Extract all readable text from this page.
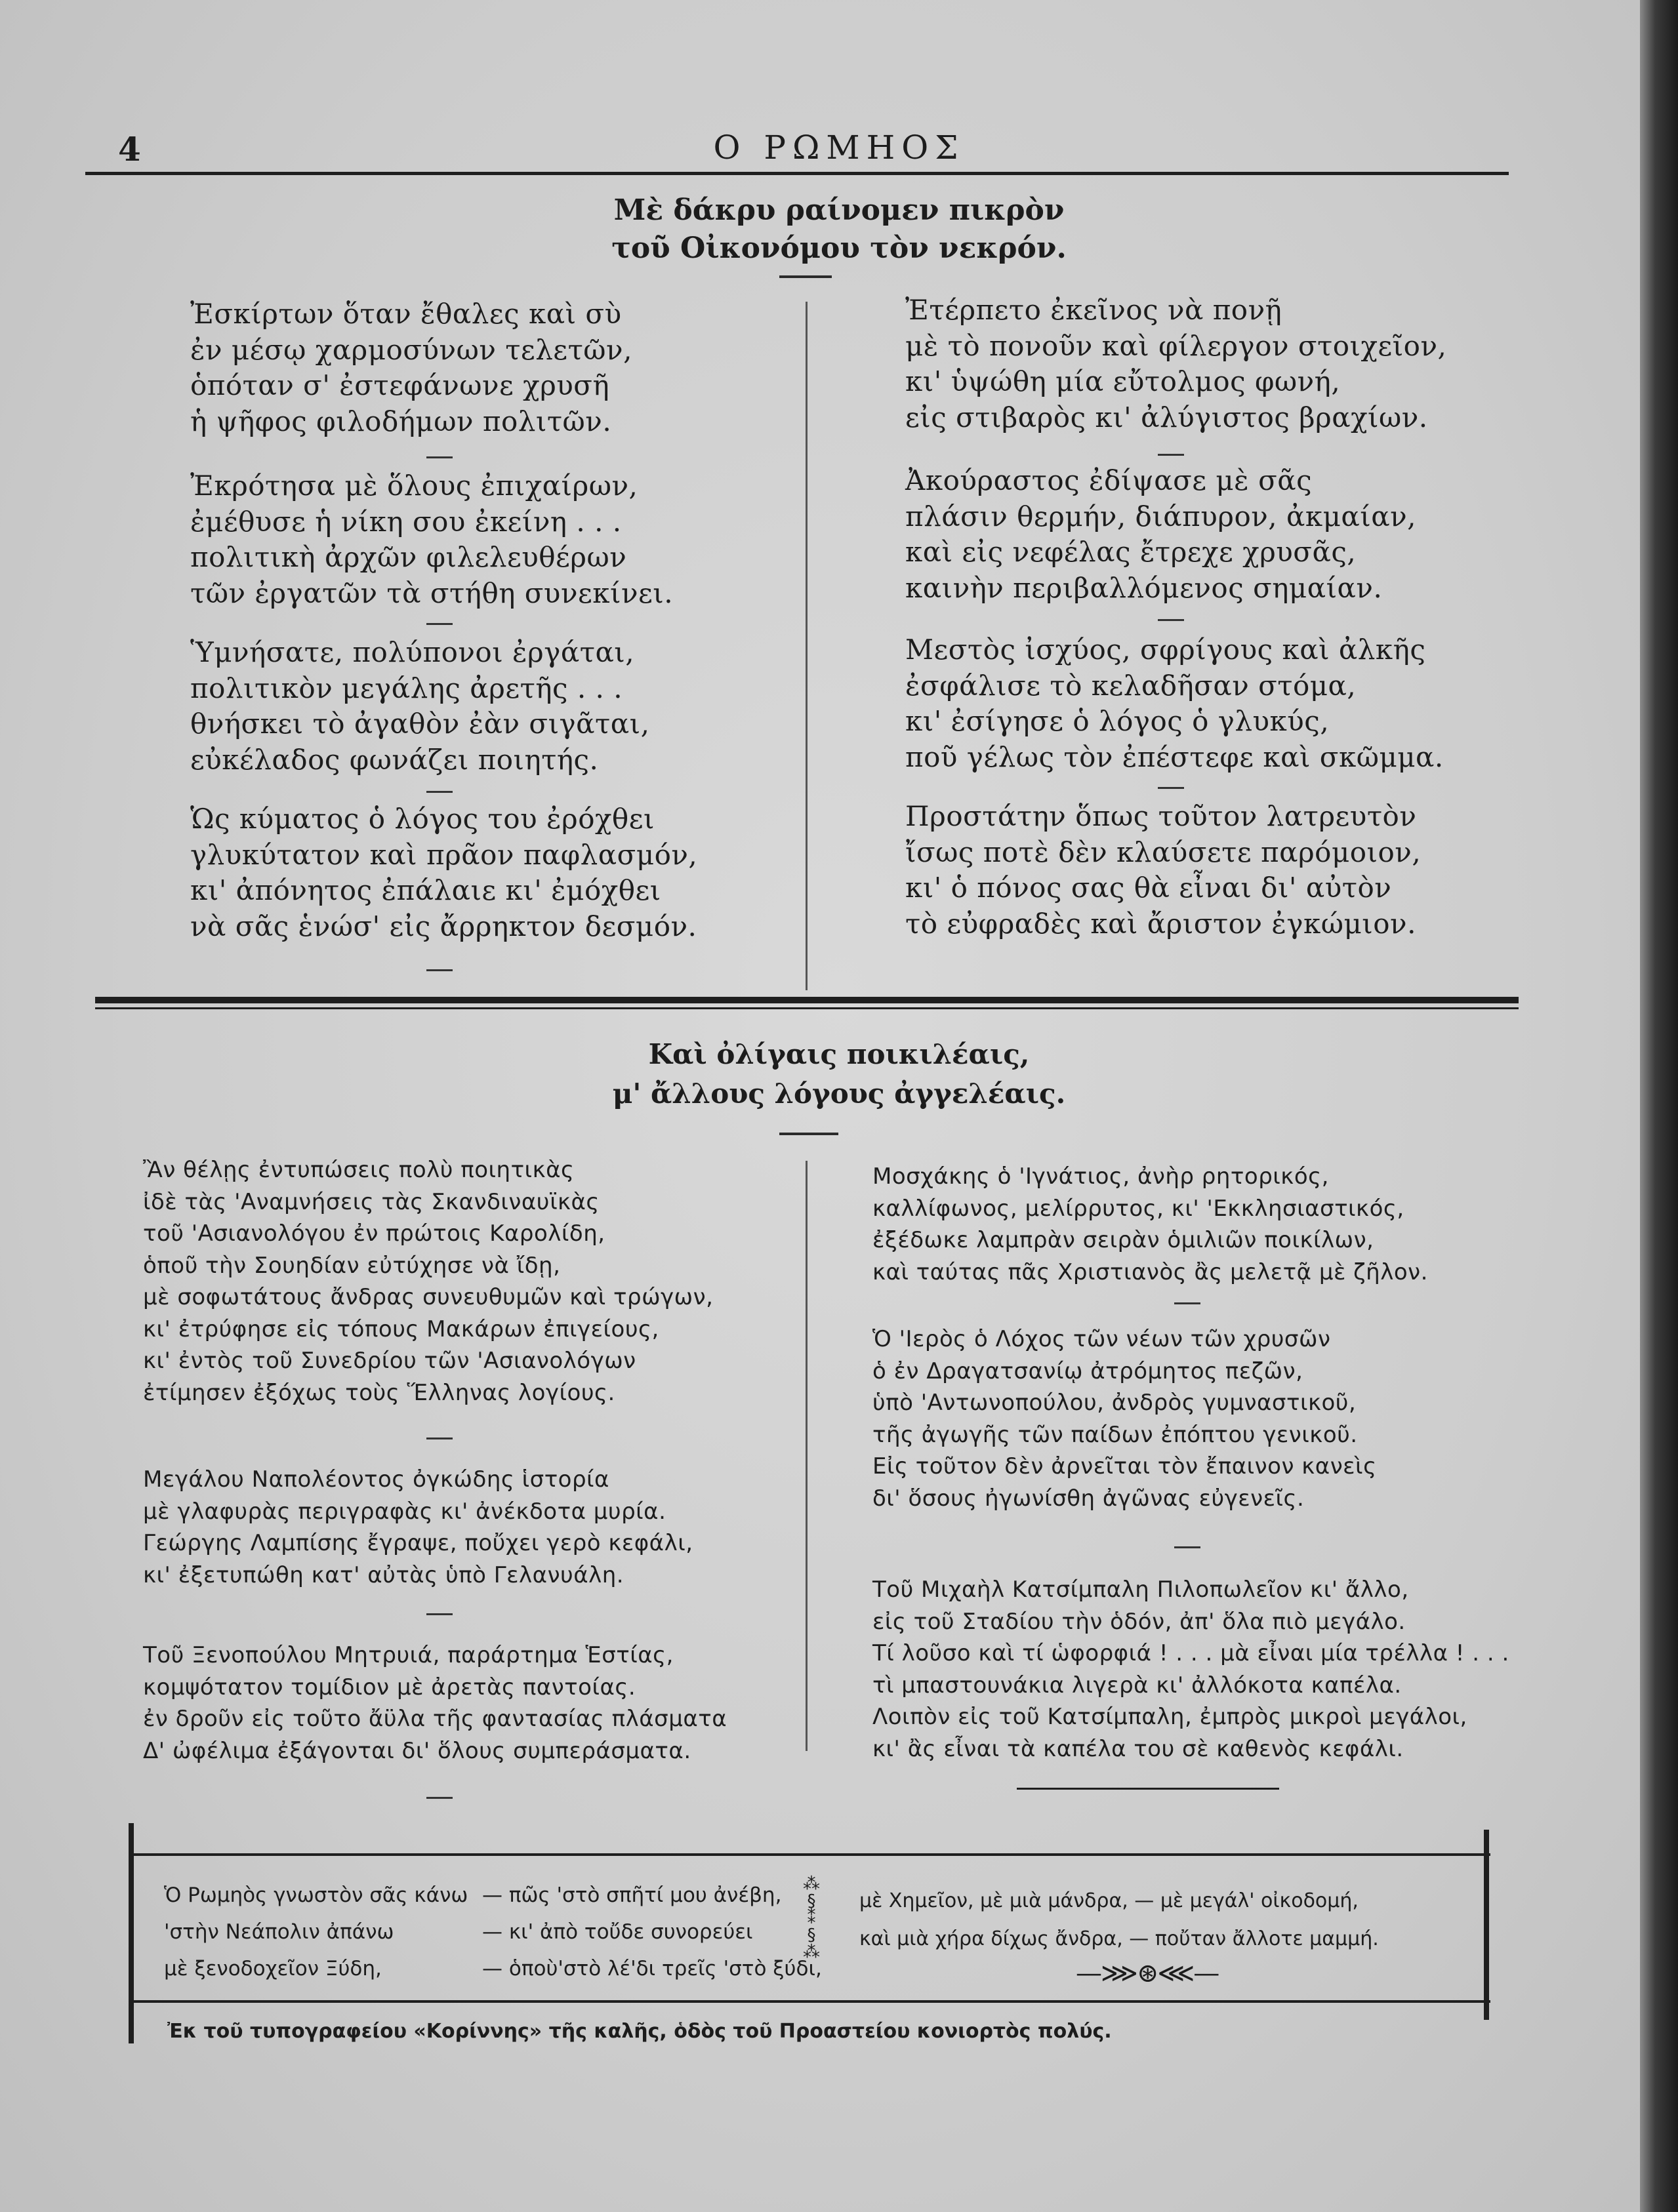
4	Ο ΡΩΜΗΟΣ
Μὲ δάκρυ ραίνομεν πικρὸν
τοῦ Οἰκονόμου τὸν νεκρόν.
Ἐσκίρτων ὅταν ἔθαλες καὶ σὺ
ἐν μέσῳ χαρμοσύνων τελετῶν,
ὁπόταν σ' ἐστεφάνωνε χρυσῆ
ἡ ψῆφος φιλοδήμων πολιτῶν.
Ἐκρότησα μὲ ὅλους ἐπιχαίρων,
ἐμέθυσε ἡ νίκη σου ἐκείνη . . .
πολιτικὴ ἀρχῶν φιλελευθέρων
τῶν ἐργατῶν τὰ στήθη συνεκίνει.
Ὑμνήσατε, πολύπονοι ἐργάται,
πολιτικὸν μεγάλης ἀρετῆς . . .
θνήσκει τὸ ἀγαθὸν ἐὰν σιγᾶται,
εὐκέλαδος φωνάζει ποιητής.
Ὡς κύματος ὁ λόγος του ἐρόχθει
γλυκύτατον καὶ πρᾶον παφλασμόν,
κι' ἀπόνητος ἐπάλαιε κι' ἐμόχθει
νὰ σᾶς ἑνώσ' εἰς ἄρρηκτον δεσμόν.
Ἐτέρπετο ἐκεῖνος νὰ πονῇ
μὲ τὸ πονοῦν καὶ φίλεργον στοιχεῖον,
κι' ὑψώθη μία εὔτολμος φωνή,
εἰς στιβαρὸς κι' ἀλύγιστος βραχίων.
Ἀκούραστος ἐδίψασε μὲ σᾶς
πλάσιν θερμήν, διάπυρον, ἀκμαίαν,
καὶ εἰς νεφέλας ἔτρεχε χρυσᾶς,
καινὴν περιβαλλόμενος σημαίαν.
Μεστὸς ἰσχύος, σφρίγους καὶ ἀλκῆς
ἐσφάλισε τὸ κελαδῆσαν στόμα,
κι' ἐσίγησε ὁ λόγος ὁ γλυκύς,
ποῦ γέλως τὸν ἐπέστεφε καὶ σκῶμμα.
Προστάτην ὅπως τοῦτον λατρευτὸν
ἴσως ποτὲ δὲν κλαύσετε παρόμοιον,
κι' ὁ πόνος σας θὰ εἶναι δι' αὐτὸν
τὸ εὐφραδὲς καὶ ἄριστον ἐγκώμιον.
Καὶ ὀλίγαις ποικιλέαις,
μ' ἄλλους λόγους ἀγγελέαις.
Ἂν θέλῃς ἐντυπώσεις πολὺ ποιητικὰς
ἰδὲ τὰς 'Αναμνήσεις τὰς Σκανδιναυϊκὰς
τοῦ 'Ασιανολόγου ἐν πρώτοις Καρολίδη,
ὁποῦ τὴν Σουηδίαν εὐτύχησε νὰ ἴδῃ,
μὲ σοφωτάτους ἄνδρας συνευθυμῶν καὶ τρώγων,
κι' ἐτρύφησε εἰς τόπους Μακάρων ἐπιγείους,
κι' ἐντὸς τοῦ Συνεδρίου τῶν 'Ασιανολόγων
ἐτίμησεν ἐξόχως τοὺς Ἕλληνας λογίους.
Μεγάλου Ναπολέοντος ὀγκώδης ἱστορία
μὲ γλαφυρὰς περιγραφὰς κι' ἀνέκδοτα μυρία.
Γεώργης Λαμπίσης ἔγραψε, ποὔχει γερὸ κεφάλι,
κι' ἐξετυπώθη κατ' αὐτὰς ὑπὸ Γελανυάλη.
Τοῦ Ξενοπούλου Μητρυιά, παράρτημα Ἑστίας,
κομψότατον τομίδιον μὲ ἀρετὰς παντοίας.
ἐν δροῦν εἰς τοῦτο ἄϋλα τῆς φαντασίας πλάσματα
Δ' ὠφέλιμα ἐξάγονται δι' ὅλους συμπεράσματα.
Μοσχάκης ὁ 'Ιγνάτιος, ἀνὴρ ρητορικός,
καλλίφωνος, μελίρρυτος, κι' 'Εκκλησιαστικός,
ἐξέδωκε λαμπρὰν σειρὰν ὁμιλιῶν ποικίλων,
καὶ ταύτας πᾶς Χριστιανὸς ἂς μελετᾷ μὲ ζῆλον.
Ὁ 'Ιερὸς ὁ Λόχος τῶν νέων τῶν χρυσῶν
ὁ ἐν Δραγατσανίῳ ἀτρόμητος πεζῶν,
ὑπὸ 'Αντωνοπούλου, ἀνδρὸς γυμναστικοῦ,
τῆς ἀγωγῆς τῶν παίδων ἐπόπτου γενικοῦ.
Εἰς τοῦτον δὲν ἀρνεῖται τὸν ἔπαινον κανεὶς
δι' ὅσους ἠγωνίσθη ἀγῶνας εὐγενεῖς.
Τοῦ Μιχαὴλ Κατσίμπαλη Πιλοπωλεῖον κι' ἄλλο,
εἰς τοῦ Σταδίου τὴν ὁδόν, ἀπ' ὅλα πιὸ μεγάλο.
Τί λοῦσο καὶ τί ὡφορφιά ! . . . μὰ εἶναι μία τρέλλα ! . . .
τὶ μπαστουνάκια λιγερὰ κι' ἀλλόκοτα καπέλα.
Λοιπὸν εἰς τοῦ Κατσίμπαλη, ἐμπρὸς μικροὶ μεγάλοι,
κι' ἂς εἶναι τὰ καπέλα του σὲ καθενὸς κεφάλι.
Ὁ Ρωμηὸς γνωστὸν σᾶς κάνω
'στὴν Νεάπολιν ἀπάνω
μὲ ξενοδοχεῖον Ξύδη,
— πῶς 'στὸ σπῆτί μου ἀνέβη,
— κι' ἀπὸ τοὔδε συνορεύει
— ὁποὺ'στὸ λέ'δι τρεῖς 'στὸ ξύδι,
⁂
§
⁑
§
⁂
μὲ Χημεῖον, μὲ μιὰ μάνδρα, — μὲ μεγάλ' οἰκοδομή,
καὶ μιὰ χήρα δίχως ἄνδρα, — ποὔταν ἄλλοτε μαμμή.
—⋙⊛⋘—
Ἐκ τοῦ τυπογραφείου «Κορίννης» τῆς καλῆς, ὁδὸς τοῦ Προαστείου κονιορτὸς πολύς.
